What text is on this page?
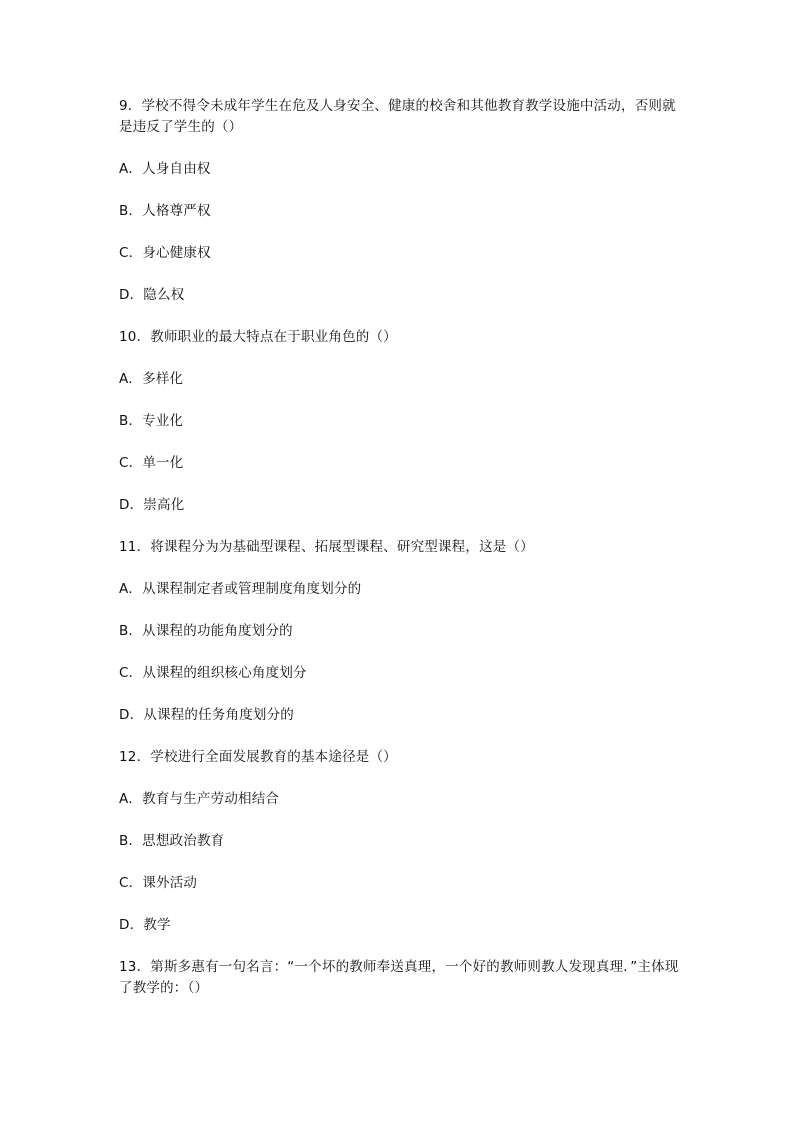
9．学校不得令未成年学生在危及人身安全、健康的校舍和其他教育教学设施中活动，否则就是违反了学生的（）
A．人身自由权
B．人格尊严权
C．身心健康权
D．隐么权
10．教师职业的最大特点在于职业角色的（）
A．多样化
B．专业化
C．单一化
D．崇高化
11．将课程分为为基础型课程、拓展型课程、研究型课程，这是（）
A．从课程制定者或管理制度角度划分的
B．从课程的功能角度划分的
C．从课程的组织核心角度划分
D．从课程的任务角度划分的
12．学校进行全面发展教育的基本途径是（）
A．教育与生产劳动相结合
B．思想政治教育
C．课外活动
D．教学
13．第斯多惠有一句名言：“一个坏的教师奉送真理，一个好的教师则教人发现真理．”主体现了教学的：（）
